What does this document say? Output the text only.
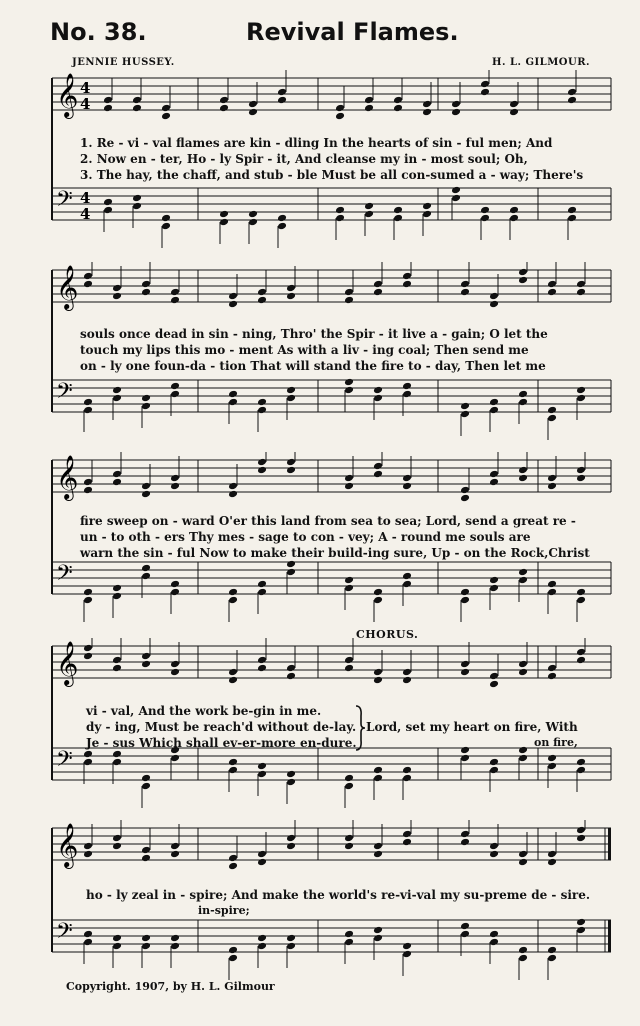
No. 38.	Revival Flames.
JENNIE HUSSEY.	H. L. GILMOUR.
𝄞 4
4
𝄢 4
4
1. Re - vi - val flames are kin - dling In the hearts of sin - ful men; And
2. Now en - ter, Ho - ly Spir - it, And cleanse my in - most soul; Oh,
3. The hay, the chaff, and stub - ble Must be all con-sumed a - way; There's
𝄞
𝄢
souls once dead in sin - ning, Thro' the Spir - it live a - gain; O let the
touch my lips this mo - ment As with a liv - ing coal; Then send me
on - ly one foun-da - tion That will stand the fire to - day, Then let me
𝄞
𝄢
fire sweep on - ward O'er this land from sea to sea; Lord, send a great re -
un - to oth - ers Thy mes - sage to con - vey; A - round me souls are
warn the sin - ful Now to make their build-ing sure, Up - on the Rock,Christ
CHORUS.
𝄞
𝄢
vi - val, And the work be-gin in me.
dy - ing, Must be reach'd without de-lay.
Je - sus Which shall ev-er-more en-dure.
Lord, set my heart on fire, With
on fire,
𝄞
𝄢
ho - ly zeal in - spire; And make the world's re-vi-val my su-preme de - sire.
in-spire;
Copyright. 1907, by H. L. Gilmour
